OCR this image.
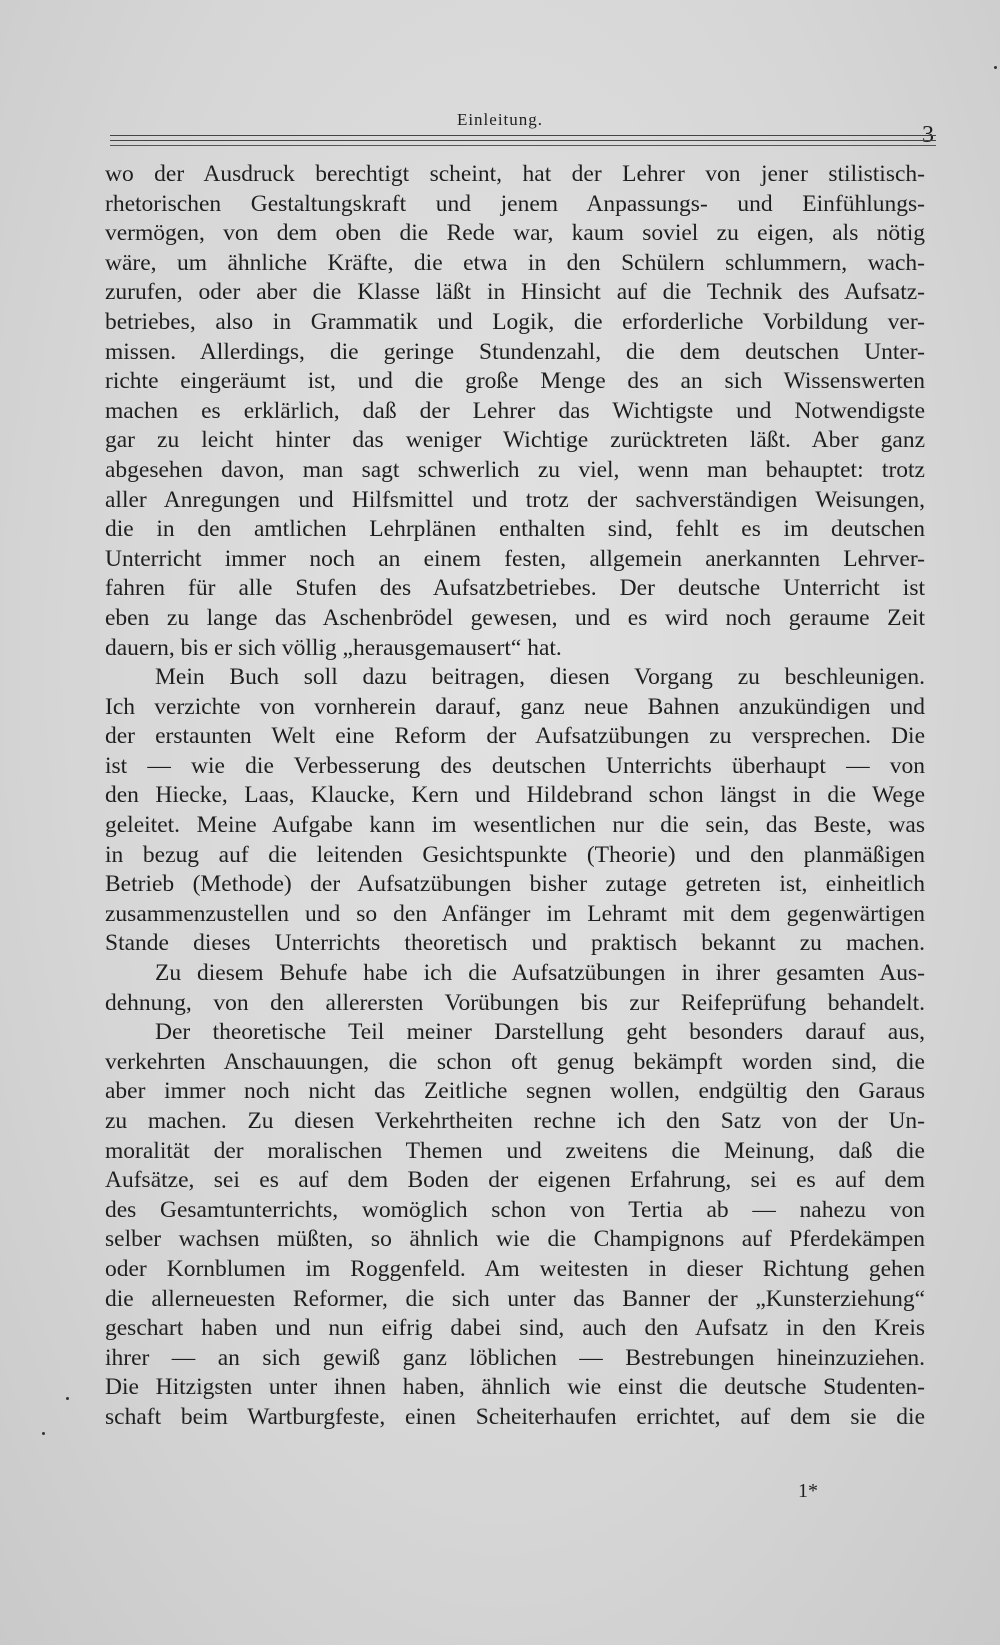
Einleitung.
3
wo der Ausdruck berechtigt scheint, hat der Lehrer von jener stilistisch-
rhetorischen Gestaltungskraft und jenem Anpassungs- und Einfühlungs-
vermögen, von dem oben die Rede war, kaum soviel zu eigen, als nötig
wäre, um ähnliche Kräfte, die etwa in den Schülern schlummern, wach-
zurufen, oder aber die Klasse läßt in Hinsicht auf die Technik des Aufsatz-
betriebes, also in Grammatik und Logik, die erforderliche Vorbildung ver-
missen. Allerdings, die geringe Stundenzahl, die dem deutschen Unter-
richte eingeräumt ist, und die große Menge des an sich Wissenswerten
machen es erklärlich, daß der Lehrer das Wichtigste und Notwendigste
gar zu leicht hinter das weniger Wichtige zurücktreten läßt. Aber ganz
abgesehen davon, man sagt schwerlich zu viel, wenn man behauptet: trotz
aller Anregungen und Hilfsmittel und trotz der sachverständigen Weisungen,
die in den amtlichen Lehrplänen enthalten sind, fehlt es im deutschen
Unterricht immer noch an einem festen, allgemein anerkannten Lehrver-
fahren für alle Stufen des Aufsatzbetriebes. Der deutsche Unterricht ist
eben zu lange das Aschenbrödel gewesen, und es wird noch geraume Zeit
dauern, bis er sich völlig „herausgemausert“ hat.
Mein Buch soll dazu beitragen, diesen Vorgang zu beschleunigen.
Ich verzichte von vornherein darauf, ganz neue Bahnen anzukündigen und
der erstaunten Welt eine Reform der Aufsatzübungen zu versprechen. Die
ist — wie die Verbesserung des deutschen Unterrichts überhaupt — von
den Hiecke, Laas, Klaucke, Kern und Hildebrand schon längst in die Wege
geleitet. Meine Aufgabe kann im wesentlichen nur die sein, das Beste, was
in bezug auf die leitenden Gesichtspunkte (Theorie) und den planmäßigen
Betrieb (Methode) der Aufsatzübungen bisher zutage getreten ist, einheitlich
zusammenzustellen und so den Anfänger im Lehramt mit dem gegenwärtigen
Stande dieses Unterrichts theoretisch und praktisch bekannt zu machen.
Zu diesem Behufe habe ich die Aufsatzübungen in ihrer gesamten Aus-
dehnung, von den allerersten Vorübungen bis zur Reifeprüfung behandelt.
Der theoretische Teil meiner Darstellung geht besonders darauf aus,
verkehrten Anschauungen, die schon oft genug bekämpft worden sind, die
aber immer noch nicht das Zeitliche segnen wollen, endgültig den Garaus
zu machen. Zu diesen Verkehrtheiten rechne ich den Satz von der Un-
moralität der moralischen Themen und zweitens die Meinung, daß die
Aufsätze, sei es auf dem Boden der eigenen Erfahrung, sei es auf dem
des Gesamtunterrichts, womöglich schon von Tertia ab — nahezu von
selber wachsen müßten, so ähnlich wie die Champignons auf Pferdekämpen
oder Kornblumen im Roggenfeld. Am weitesten in dieser Richtung gehen
die allerneuesten Reformer, die sich unter das Banner der „Kunsterziehung“
geschart haben und nun eifrig dabei sind, auch den Aufsatz in den Kreis
ihrer — an sich gewiß ganz löblichen — Bestrebungen hineinzuziehen.
Die Hitzigsten unter ihnen haben, ähnlich wie einst die deutsche Studenten-
schaft beim Wartburgfeste, einen Scheiterhaufen errichtet, auf dem sie die
1*
